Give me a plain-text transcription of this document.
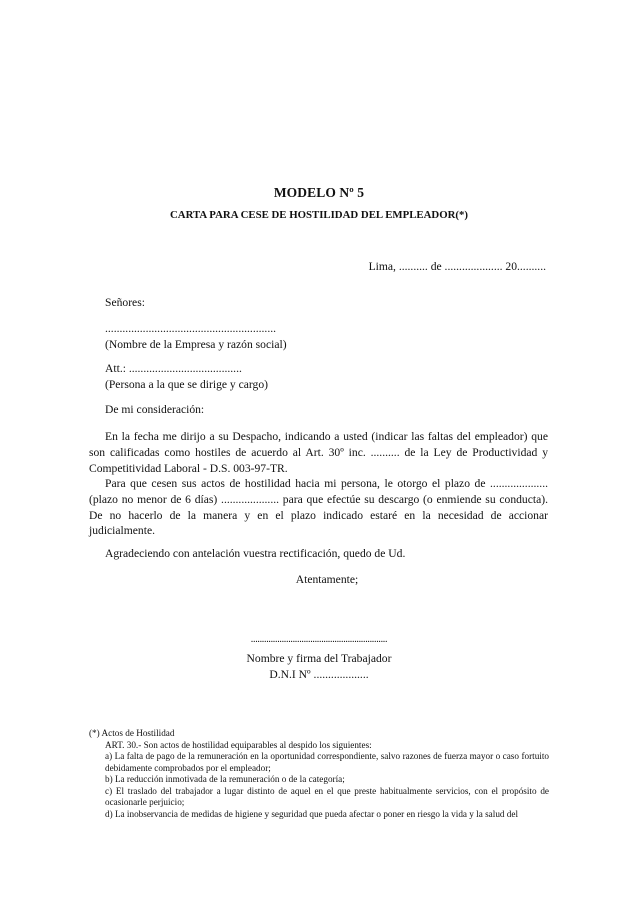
MODELO Nº 5
CARTA PARA CESE DE HOSTILIDAD DEL EMPLEADOR(*)
Lima, .......... de .................... 20..........
Señores:
...........................................................
(Nombre de la Empresa y razón social)
Att.: .......................................
(Persona a la que se dirige y cargo)
De mi consideración:
En la fecha me dirijo a su Despacho, indicando a usted (indicar las faltas del empleador) que son calificadas como hostiles de acuerdo al Art. 30º inc. .......... de la Ley de Productividad y Competitividad Laboral - D.S. 003-97-TR.
Para que cesen sus actos de hostilidad hacia mi persona, le otorgo el plazo de .................... (plazo no menor de 6 días) .................... para que efectúe su descargo (o enmiende su conducta). De no hacerlo de la manera y en el plazo indicado estaré en la necesidad de accionar judicialmente.
Agradeciendo con antelación vuestra rectificación, quedo de Ud.
Atentamente;
..............................................................
Nombre y firma del Trabajador
D.N.I Nº ...................
(*) Actos de Hostilidad
ART. 30.- Son actos de hostilidad equiparables al despido los siguientes:
a) La falta de pago de la remuneración en la oportunidad correspondiente, salvo razones de fuerza mayor o caso fortuito debidamente comprobados por el empleador;
b) La reducción inmotivada de la remuneración o de la categoría;
c) El traslado del trabajador a lugar distinto de aquel en el que preste habitualmente servicios, con el propósito de ocasionarle perjuicio;
d) La inobservancia de medidas de higiene y seguridad que pueda afectar o poner en riesgo la vida y la salud del
